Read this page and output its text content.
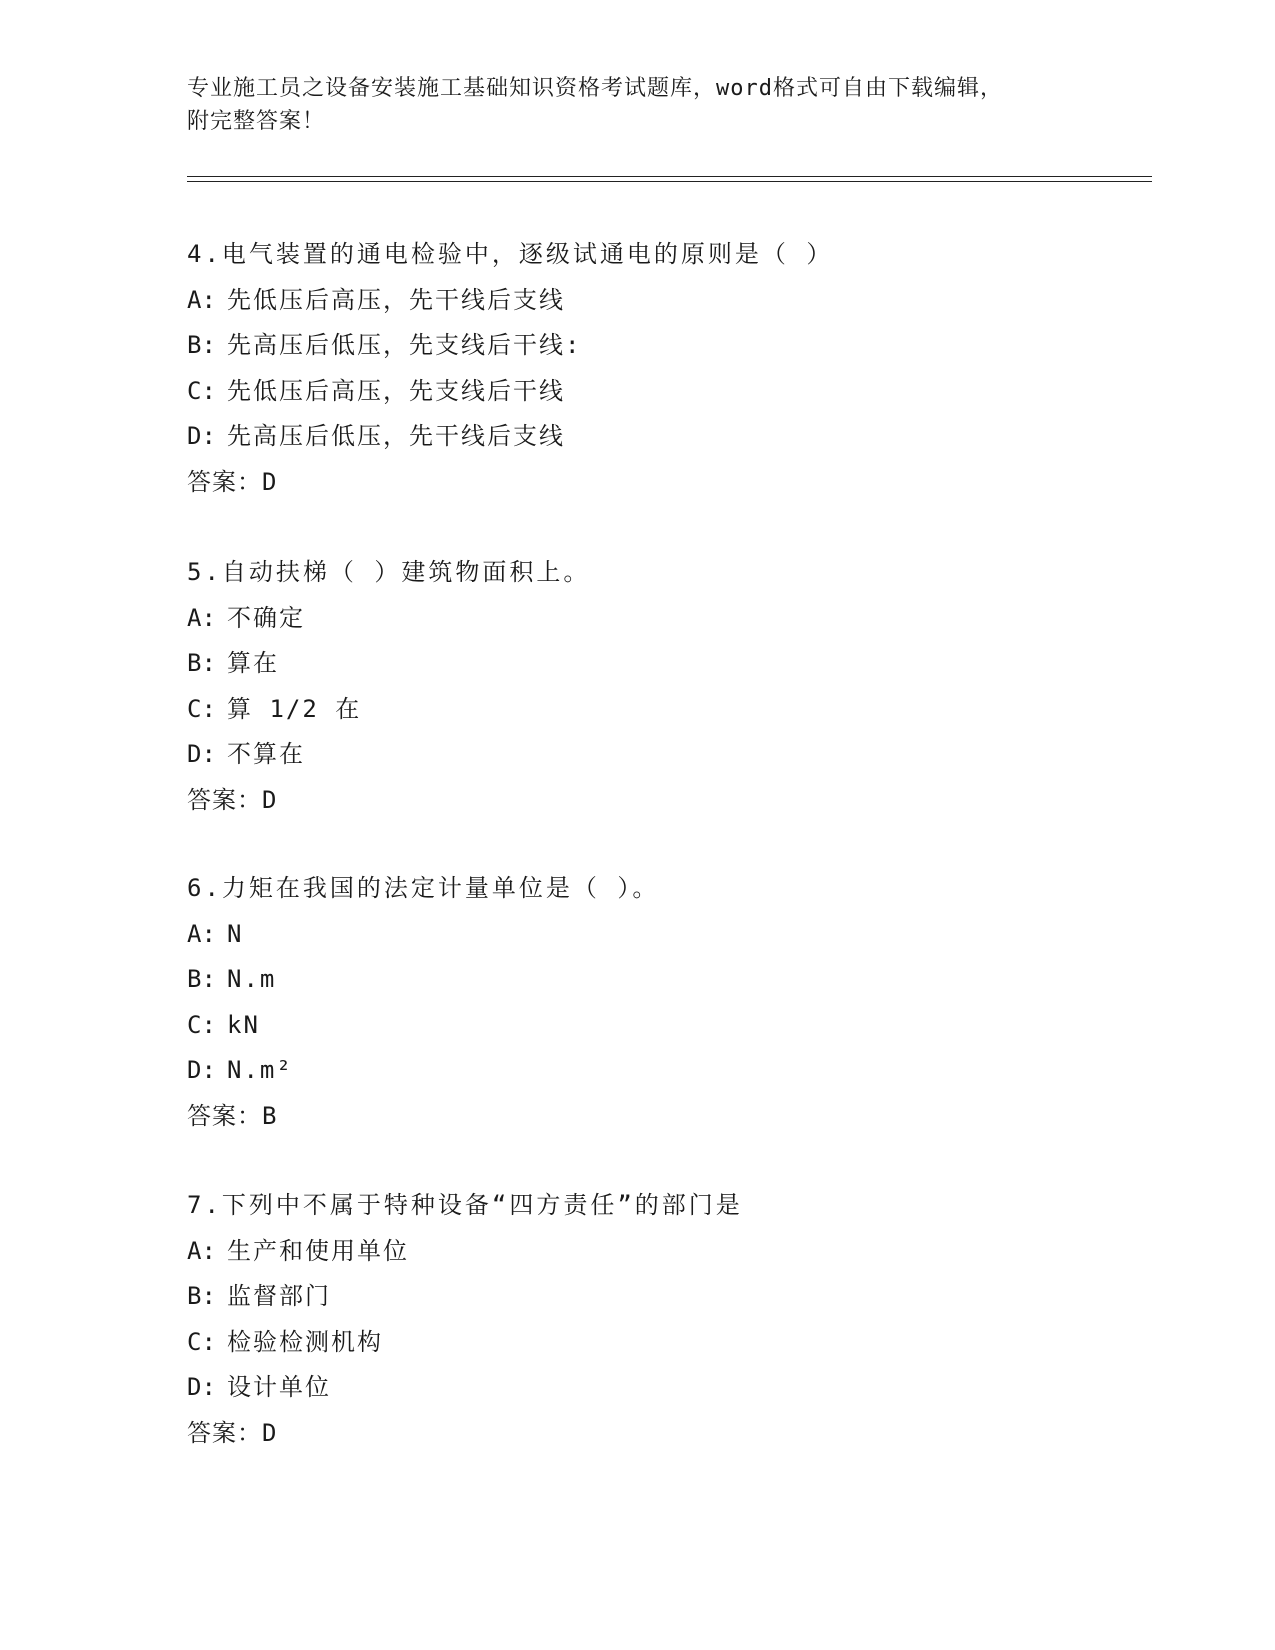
专业施工员之设备安装施工基础知识资格考试题库，word格式可自由下载编辑，
附完整答案！
4.电气装置的通电检验中，逐级试通电的原则是（ ）
A: 先低压后高压，先干线后支线
B: 先高压后低压，先支线后干线:
C: 先低压后高压，先支线后干线
D: 先高压后低压，先干线后支线
答案：D
5.自动扶梯（ ）建筑物面积上。
A: 不确定
B: 算在
C: 算 1/2 在
D: 不算在
答案：D
6.力矩在我国的法定计量单位是（ ）。
A: N
B: N.m
C: kN
D: N.m²
答案：B
7.下列中不属于特种设备“四方责任”的部门是
A: 生产和使用单位
B: 监督部门
C: 检验检测机构
D: 设计单位
答案：D
